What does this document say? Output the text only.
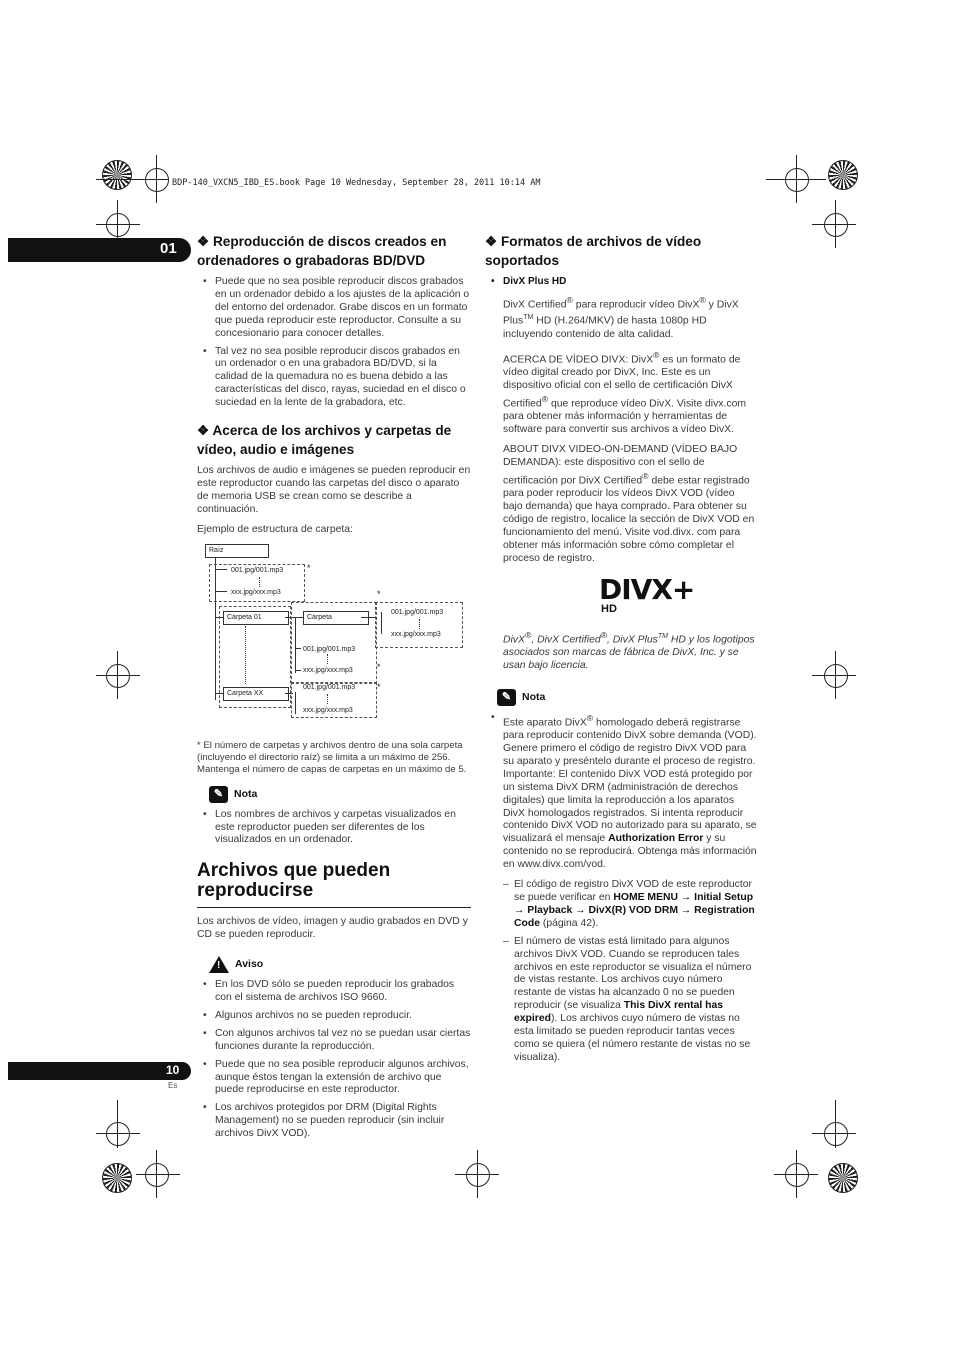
BDP-140_VXCN5_IBD_ES.book Page 10 Wednesday, September 28, 2011 10:14 AM
01
10
Es
❖ Reproducción de discos creados en ordenadores o grabadoras BD/DVD
• Puede que no sea posible reproducir discos grabados en un ordenador debido a los ajustes de la aplicación o del entorno del ordenador. Grabe discos en un formato que pueda reproducir este reproductor. Consulte a su concesionario para conocer detalles.
• Tal vez no sea posible reproducir discos grabados en un ordenador o en una grabadora BD/DVD, si la calidad de la quemadura no es buena debido a las características del disco, rayas, suciedad en el disco o suciedad en la lente de la grabadora, etc.
❖ Acerca de los archivos y carpetas de vídeo, audio e imágenes

Los archivos de audio e imágenes se pueden reproducir en este reproductor cuando las carpetas del disco o aparato de memoria USB se crean como se describe a continuación.

Ejemplo de estructura de carpeta:

Raíz
001.jpg/001.mp3
xxx.jpg/xxx.mp3
*
Carpeta 01
Carpeta XX
Carpeta
001.jpg/001.mp3
xxx.jpg/xxx.mp3	*
001.jpg/001.mp3
xxx.jpg/xxx.mp3
*
001.jpg/001.mp3
xxx.jpg/xxx.mp3
*

* El número de carpetas y archivos dentro de una sola carpeta (incluyendo el directorio raíz) se limita a un máximo de 256. Mantenga el número de capas de carpetas en un máximo de 5.

✎	Nota
• Los nombres de archivos y carpetas visualizados en este reproductor pueden ser diferentes de los visualizados en un ordenador.
Archivos que pueden reproducirse

Los archivos de vídeo, imagen y audio grabados en DVD y CD se pueden reproducir.

! Aviso
• En los DVD sólo se pueden reproducir los grabados con el sistema de archivos ISO 9660.
• Algunos archivos no se pueden reproducir.
• Con algunos archivos tal vez no se puedan usar ciertas funciones durante la reproducción.
• Puede que no sea posible reproducir algunos archivos, aunque éstos tengan la extensión de archivo que puede reproducirse en este reproductor.
• Los archivos protegidos por DRM (Digital Rights Management) no se pueden reproducir (sin incluir archivos DivX VOD).
❖ Formatos de archivos de vídeo soportados
• DivX Plus HD

DivX Certified® para reproducir vídeo DivX® y DivX Plus™ HD (H.264/MKV) de hasta 1080p HD incluyendo contenido de alta calidad.

ACERCA DE VÍDEO DIVX: DivX® es un formato de vídeo digital creado por DivX, Inc. Este es un dispositivo oficial con el sello de certificación DivX Certified® que reproduce vídeo DivX. Visite divx.com para obtener más información y herramientas de software para convertir sus archivos a vídeo DivX.

ABOUT DIVX VIDEO-ON-DEMAND (VÍDEO BAJO DEMANDA): este dispositivo con el sello de certificación por DivX Certified® debe estar registrado para poder reproducir los vídeos DivX VOD (vídeo bajo demanda) que haya comprado. Para obtener su código de registro, localice la sección de DivX VOD en funcionamiento del menú. Visite vod.divx. com para obtener más información sobre cómo completar el proceso de registro.

DIVX+
HD

DivX®, DivX Certified®, DivX Plus™ HD y los logotipos asociados son marcas de fábrica de DivX, Inc. y se usan bajo licencia.

✎	Nota
• Este aparato DivX® homologado deberá registrarse para reproducir contenido DivX sobre demanda (VOD). Genere primero el código de registro DivX VOD para su aparato y preséntelo durante el proceso de registro. Importante: El contenido DivX VOD está protegido por un sistema DivX DRM (administración de derechos digitales) que limita la reproducción a los aparatos DivX homologados registrados. Si intenta reproducir contenido DivX VOD no autorizado para su aparato, se visualizará el mensaje Authorization Error y su contenido no se reproducirá. Obtenga más información en www.divx.com/vod.
– El código de registro DivX VOD de este reproductor se puede verificar en HOME MENU → Initial Setup → Playback → DivX(R) VOD DRM → Registration Code (página 42).
– El número de vistas está limitado para algunos archivos DivX VOD. Cuando se reproducen tales archivos en este reproductor se visualiza el número de vistas restante. Los archivos cuyo número restante de vistas ha alcanzado 0 no se pueden reproducir (se visualiza This DivX rental has expired). Los archivos cuyo número de vistas no esta limitado se pueden reproducir tantas veces como se quiera (el número restante de vistas no se visualiza).
